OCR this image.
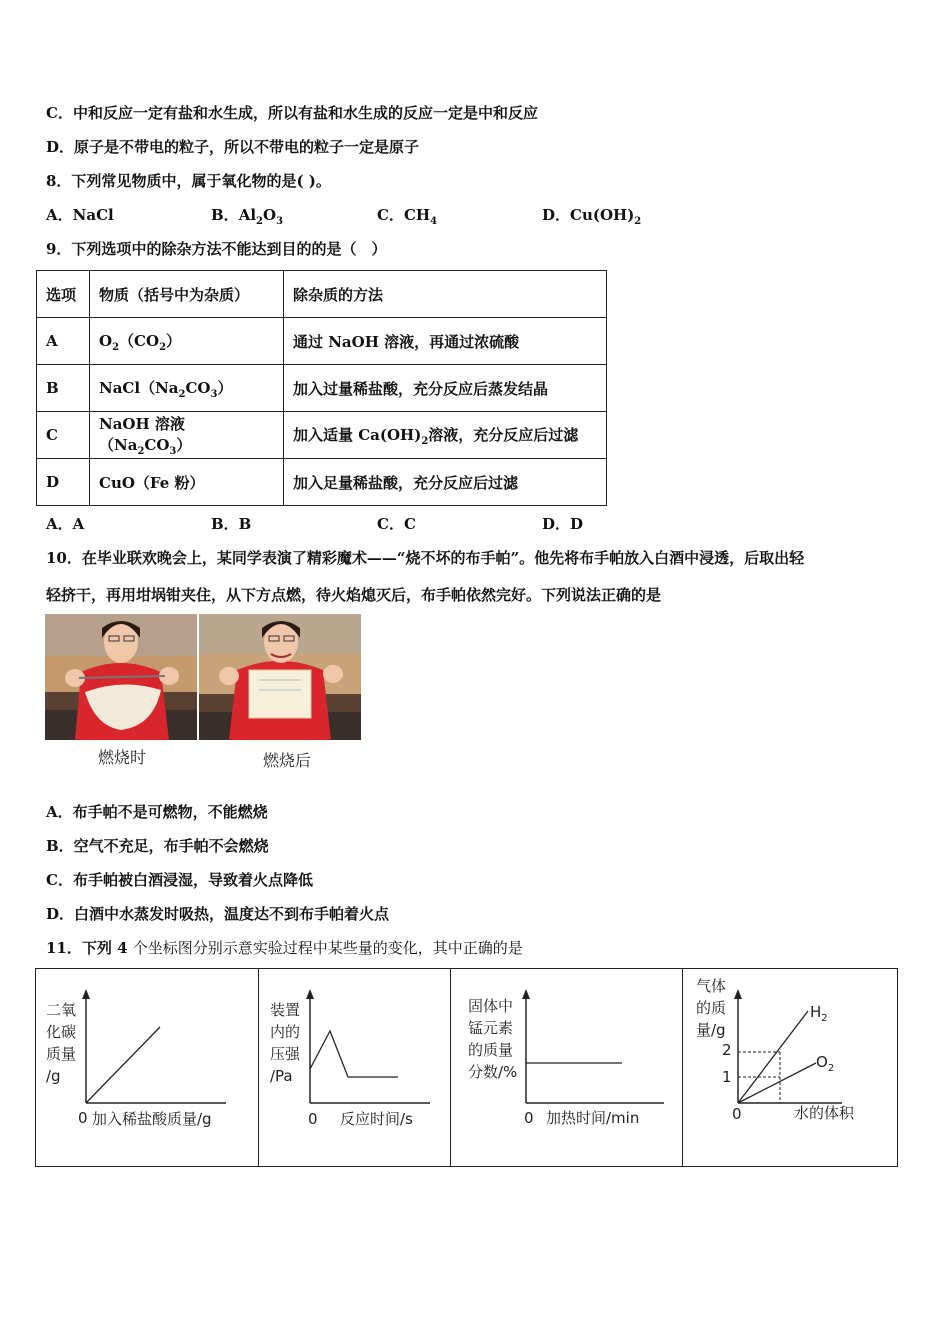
C．中和反应一定有盐和水生成，所以有盐和水生成的反应一定是中和反应
D．原子是不带电的粒子，所以不带电的粒子一定是原子
8．下列常见物质中，属于氧化物的是( )。
A．NaCl	B．$Al_2O_3$	C．$CH_4$	D．$Cu(OH)_2$
9．下列选项中的除杂方法不能达到目的的是（　）
选项	物质（括号中为杂质）	除杂质的方法
A	$O_2(CO_2)$	通过 NaOH 溶液，再通过浓硫酸
B	$NaCl(Na_2CO_3)$	加入过量稀盐酸，充分反应后蒸发结晶
C	NaOH 溶液$(Na_2CO_3)$	加入适量 $Ca(OH)_2$溶液，充分反应后过滤
D	CuO（Fe 粉）	加入足量稀盐酸，充分反应后过滤
A．A	B．B	C．C	D．D
10．在毕业联欢晚会上，某同学表演了精彩魔术——“烧不坏的布手帕”。他先将布手帕放入白酒中浸透，后取出轻
轻挤干，再用坩埚钳夹住，从下方点燃，待火焰熄灭后，布手帕依然完好。下列说法正确的是
燃烧时	燃烧后
A．布手帕不是可燃物，不能燃烧
B．空气不充足，布手帕不会燃烧
C．布手帕被白酒浸湿，导致着火点降低
D．白酒中水蒸发时吸热，温度达不到布手帕着火点
11．下列 4 个坐标图分别示意实验过程中某些量的变化，其中正确的是
二氧
化碳
质量
/g
0 加入稀盐酸质量/g
装置
内的
压强
/Pa
0 反应时间/s
固体中
锰元素
的质量
分数/%
0 加热时间/min
气体
的质
量/g
2
1
$H_2$
$O_2$
0	水的体积
